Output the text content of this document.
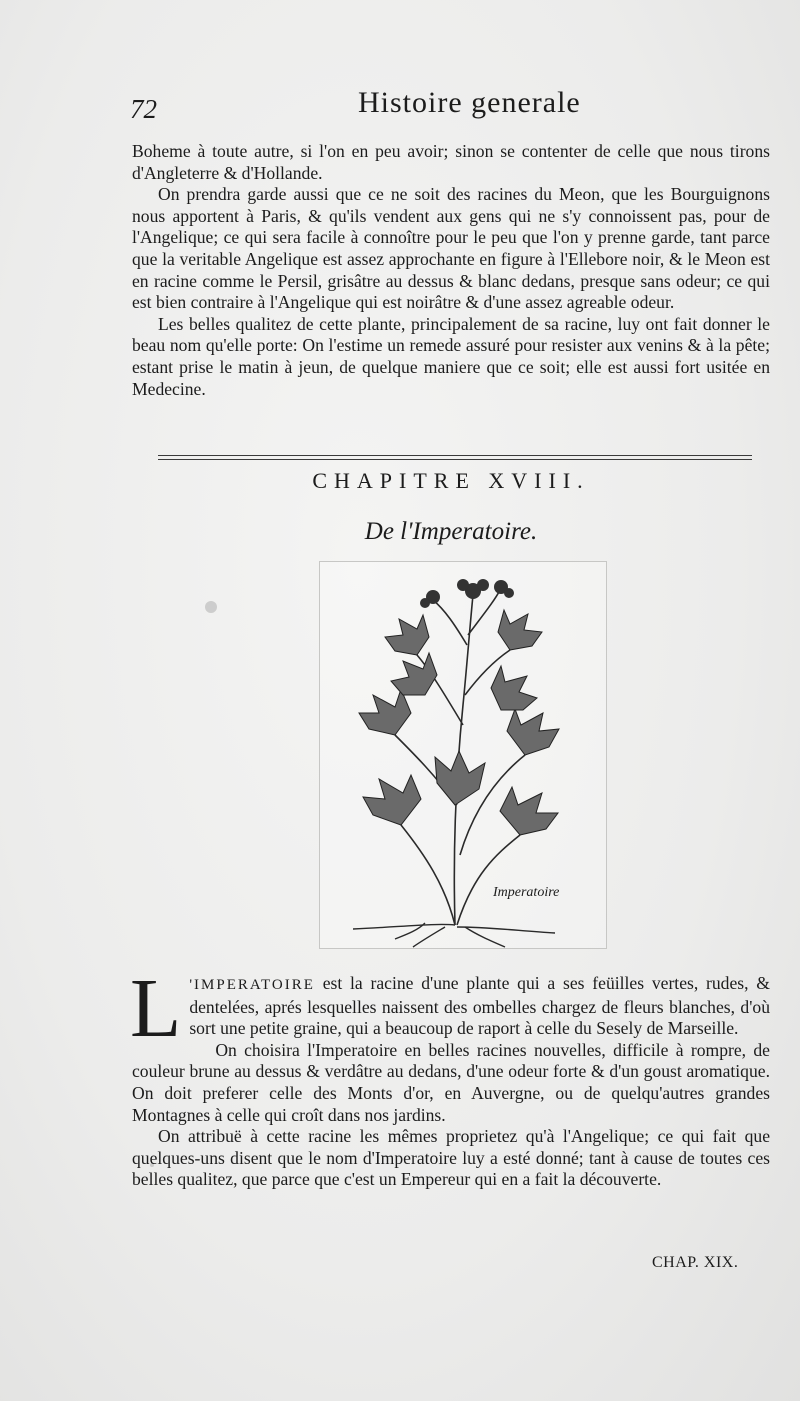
72	Histoire generale

Boheme à toute autre, si l'on en peu avoir; sinon se contenter de celle que nous tirons d'Angleterre & d'Hollande.

On prendra garde aussi que ce ne soit des racines du Meon, que les Bourguignons nous apportent à Paris, & qu'ils vendent aux gens qui ne s'y connoissent pas, pour de l'Angelique; ce qui sera facile à connoître pour le peu que l'on y prenne garde, tant parce que la veritable Angelique est assez approchante en figure à l'Ellebore noir, & le Meon est en racine comme le Persil, grisâtre au dessus & blanc dedans, presque sans odeur; ce qui est bien contraire à l'Angelique qui est noirâtre & d'une assez agreable odeur.

Les belles qualitez de cette plante, principalement de sa racine, luy ont fait donner le beau nom qu'elle porte: On l'estime un remede assuré pour resister aux venins & à la pête; estant prise le matin à jeun, de quelque maniere que ce soit; elle est aussi fort usitée en Medecine.

CHAPITRE XVIII.
De l'Imperatoire.
Imperatoire

L 'IMPERATOIRE est la racine d'une plante qui a ses feüilles vertes, rudes, & dentelées, aprés lesquelles naissent des ombelles chargez de fleurs blanches, d'où sort une petite graine, qui a beaucoup de raport à celle du Sesely de Marseille.

On choisira l'Imperatoire en belles racines nouvelles, difficile à rompre, de couleur brune au dessus & verdâtre au dedans, d'une odeur forte & d'un goust aromatique. On doit preferer celle des Monts d'or, en Auvergne, ou de quelqu'autres grandes Montagnes à celle qui croît dans nos jardins.

On attribuë à cette racine les mêmes proprietez qu'à l'Angelique; ce qui fait que quelques-uns disent que le nom d'Imperatoire luy a esté donné; tant à cause de toutes ces belles qualitez, que parce que c'est un Empereur qui en a fait la découverte.

CHAP. XIX.
